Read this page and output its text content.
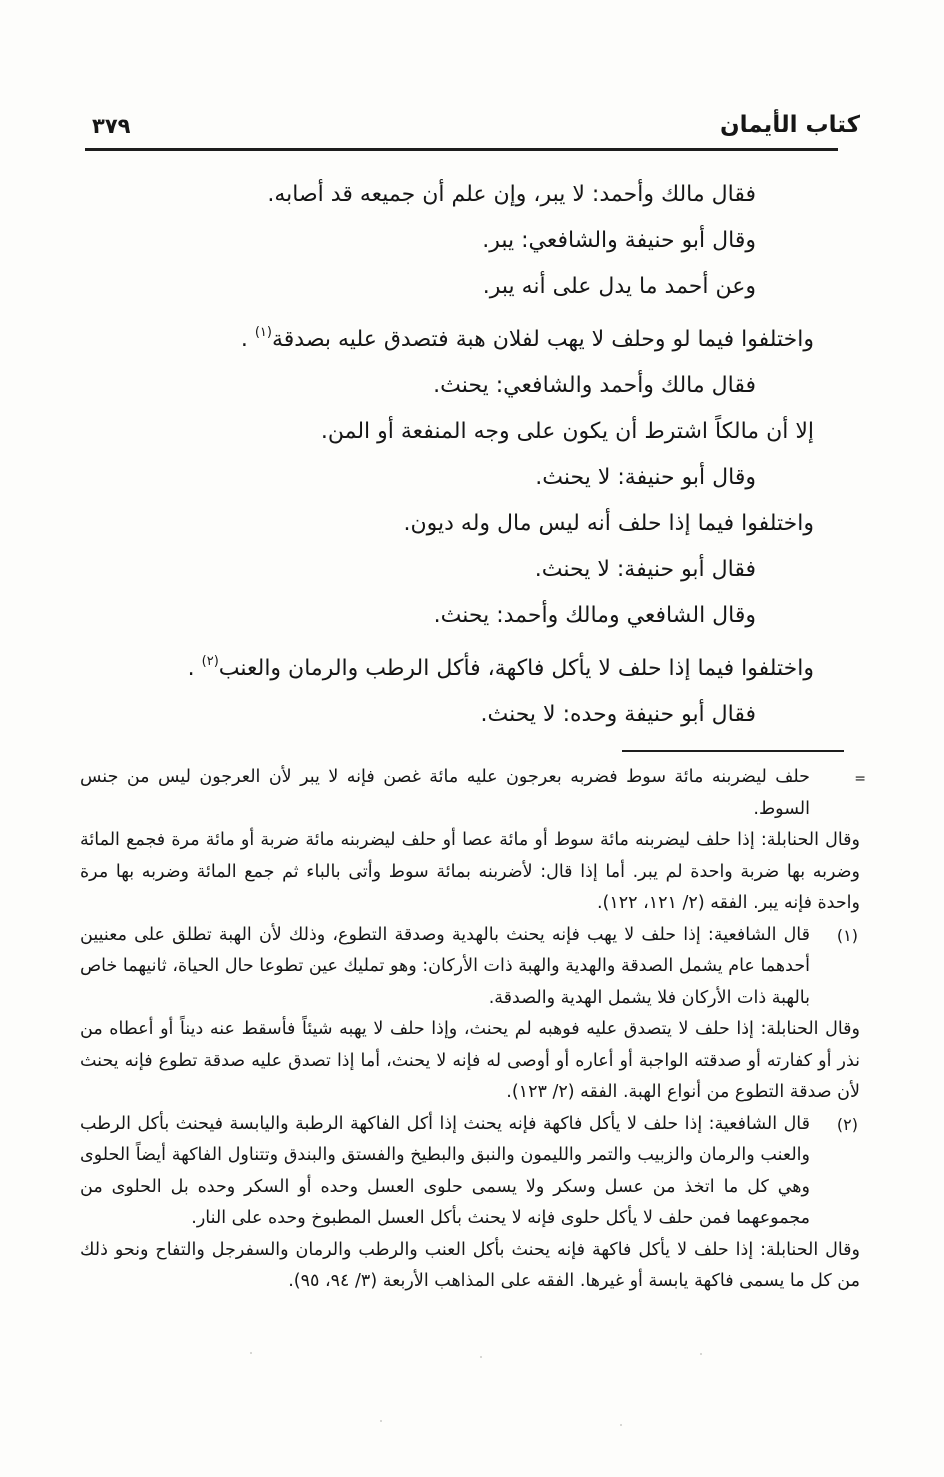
كتاب الأيمان
٣٧٩

فقال مالك وأحمد: لا يبر، وإن علم أن جميعه قد أصابه.

وقال أبو حنيفة والشافعي: يبر.

وعن أحمد ما يدل على أنه يبر.

واختلفوا فيما لو وحلف لا يهب لفلان هبة فتصدق عليه بصدقة$^{(١)}$ .

فقال مالك وأحمد والشافعي: يحنث.

إلا أن مالكاً اشترط أن يكون على وجه المنفعة أو المن.

وقال أبو حنيفة: لا يحنث.

واختلفوا فيما إذا حلف أنه ليس مال وله ديون.

فقال أبو حنيفة: لا يحنث.

وقال الشافعي ومالك وأحمد: يحنث.

واختلفوا فيما إذا حلف لا يأكل فاكهة، فأكل الرطب والرمان والعنب$^{(٢)}$ .

فقال أبو حنيفة وحده: لا يحنث.

=

حلف ليضربنه مائة سوط فضربه بعرجون عليه مائة غصن فإنه لا يبر لأن العرجون ليس من جنس السوط.

وقال الحنابلة: إذا حلف ليضربنه مائة سوط أو مائة عصا أو حلف ليضربنه مائة ضربة أو مائة مرة فجمع المائة وضربه بها ضربة واحدة لم يبر. أما إذا قال: لأضربنه بمائة سوط وأتى بالباء ثم جمع المائة وضربه بها مرة واحدة فإنه يبر. الفقه (٢/ ١٢١، ١٢٢).

(١)

قال الشافعية: إذا حلف لا يهب فإنه يحنث بالهدية وصدقة التطوع، وذلك لأن الهبة تطلق على معنيين أحدهما عام يشمل الصدقة والهدية والهبة ذات الأركان: وهو تمليك عين تطوعا حال الحياة، ثانيهما خاص بالهبة ذات الأركان فلا يشمل الهدية والصدقة.

وقال الحنابلة: إذا حلف لا يتصدق عليه فوهبه لم يحنث، وإذا حلف لا يهبه شيئاً فأسقط عنه ديناً أو أعطاه من نذر أو كفارته أو صدقته الواجبة أو أعاره أو أوصى له فإنه لا يحنث، أما إذا تصدق عليه صدقة تطوع فإنه يحنث لأن صدقة التطوع من أنواع الهبة. الفقه (٢/ ١٢٣).

(٢)

قال الشافعية: إذا حلف لا يأكل فاكهة فإنه يحنث إذا أكل الفاكهة الرطبة واليابسة فيحنث بأكل الرطب والعنب والرمان والزبيب والتمر والليمون والنبق والبطيخ والفستق والبندق وتتناول الفاكهة أيضاً الحلوى وهي كل ما اتخذ من عسل وسكر ولا يسمى حلوى العسل وحده أو السكر وحده بل الحلوى من مجموعهما فمن حلف لا يأكل حلوى فإنه لا يحنث بأكل العسل المطبوخ وحده على النار.

وقال الحنابلة: إذا حلف لا يأكل فاكهة فإنه يحنث بأكل العنب والرطب والرمان والسفرجل والتفاح ونحو ذلك من كل ما يسمى فاكهة يابسة أو غيرها. الفقه على المذاهب الأربعة (٣/ ٩٤، ٩٥).
